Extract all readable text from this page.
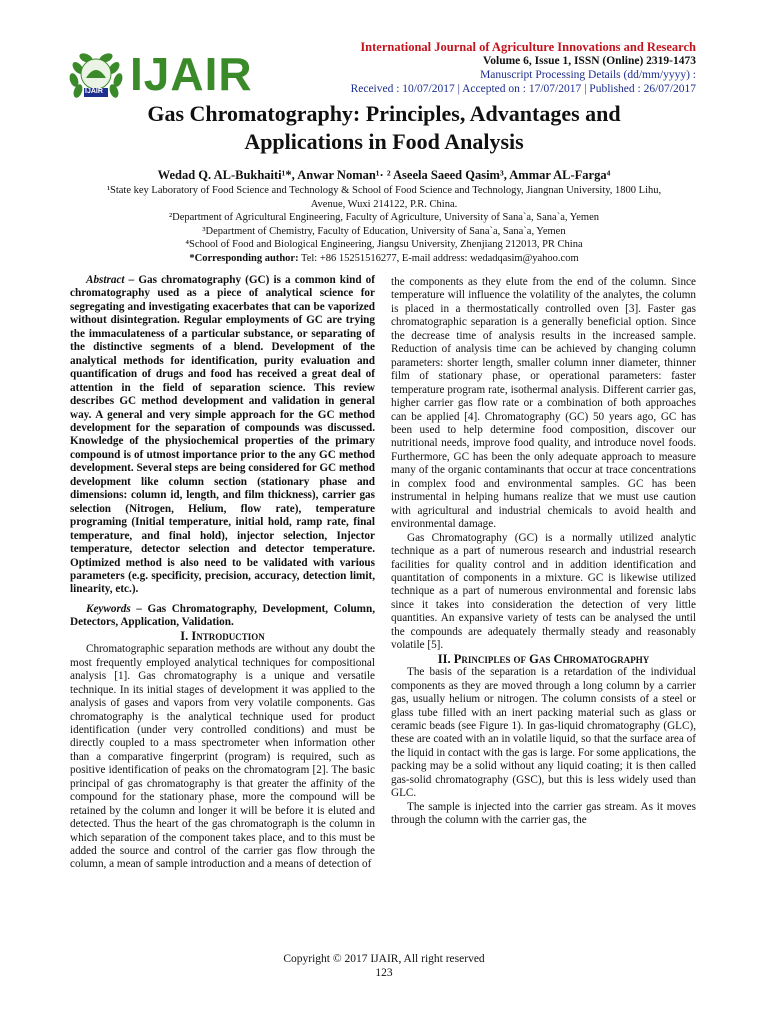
IJAIR IJAIR
International Journal of Agriculture Innovations and Research
Volume 6, Issue 1, ISSN (Online) 2319-1473
Manuscript Processing Details (dd/mm/yyyy) :
Received : 10/07/2017 | Accepted on : 17/07/2017 | Published : 26/07/2017
Gas Chromatography: Principles, Advantages and
Applications in Food Analysis
Wedad Q. AL-Bukhaiti¹*, Anwar Noman¹· ² Aseela Saeed Qasim³, Ammar AL-Farga⁴
¹State key Laboratory of Food Science and Technology & School of Food Science and Technology, Jiangnan University, 1800 Lihu,
Avenue, Wuxi 214122, P.R. China.
²Department of Agricultural Engineering, Faculty of Agriculture, University of Sana`a, Sana`a, Yemen
³Department of Chemistry, Faculty of Education, University of Sana`a, Sana`a, Yemen
⁴School of Food and Biological Engineering, Jiangsu University, Zhenjiang 212013, PR China
*Corresponding author: Tel: +86 15251516277, E-mail address: wedadqasim@yahoo.com

Abstract – Gas chromatography (GC) is a common kind of chromatography used as a piece of analytical science for segregating and investigating exacerbates that can be vaporized without disintegration. Regular employments of GC are trying the immaculateness of a particular substance, or separating of the distinctive segments of a blend. Development of the analytical methods for identification, purity evaluation and quantification of drugs and food has received a great deal of attention in the field of separation science. This review describes GC method development and validation in general way. A general and very simple approach for the GC method development for the separation of compounds was discussed. Knowledge of the physiochemical properties of the primary compound is of utmost importance prior to the any GC method development. Several steps are being considered for GC method development like column section (stationary phase and dimensions: column id, length, and film thickness), carrier gas selection (Nitrogen, Helium, flow rate), temperature programing (Initial temperature, initial hold, ramp rate, final temperature, and final hold), injector selection, Injector temperature, detector selection and detector temperature. Optimized method is also need to be validated with various parameters (e.g. specificity, precision, accuracy, detection limit, linearity, etc.).

Keywords – Gas Chromatography, Development, Column, Detectors, Application, Validation.

I. Introduction

Chromatographic separation methods are without any doubt the most frequently employed analytical techniques for compositional analysis [1]. Gas chromatography is a unique and versatile technique. In its initial stages of development it was applied to the analysis of gases and vapors from very volatile components. Gas chromatography is the analytical technique used for product identification (under very controlled conditions) and must be directly coupled to a mass spectrometer when information other than a comparative fingerprint (program) is required, such as positive identification of peaks on the chromatogram [2]. The basic principal of gas chromatography is that greater the affinity of the compound for the stationary phase, more the compound will be retained by the column and longer it will be before it is eluted and detected. Thus the heart of the gas chromatograph is the column in which separation of the component takes place, and to this must be added the source and control of the carrier gas flow through the column, a mean of sample introduction and a means of detection of

the components as they elute from the end of the column. Since temperature will influence the volatility of the analytes, the column is placed in a thermostatically controlled oven [3]. Faster gas chromatographic separation is a generally beneficial option. Since the decrease time of analysis results in the increased sample. Reduction of analysis time can be achieved by changing column parameters: shorter length, smaller column inner diameter, thinner film of stationary phase, or operational parameters: faster temperature program rate, isothermal analysis. Different carrier gas, higher carrier gas flow rate or a combination of both approaches can be applied [4]. Chromatography (GC) 50 years ago, GC has been used to help determine food composition, discover our nutritional needs, improve food quality, and introduce novel foods. Furthermore, GC has been the only adequate approach to measure many of the organic contaminants that occur at trace concentrations in complex food and environmental samples. GC has been instrumental in helping humans realize that we must use caution with agricultural and industrial chemicals to avoid health and environmental damage.

Gas Chromatography (GC) is a normally utilized analytic technique as a part of numerous research and industrial research facilities for quality control and in addition identification and quantitation of components in a mixture. GC is likewise utilized technique as a part of numerous environmental and forensic labs since it takes into consideration the detection of very little quantities. An expansive variety of tests can be analysed the until the compounds are adequately thermally steady and reasonably volatile [5].

II. Principles of Gas Chromatography

The basis of the separation is a retardation of the individual components as they are moved through a long column by a carrier gas, usually helium or nitrogen. The column consists of a steel or glass tube filled with an inert packing material such as glass or ceramic beads (see Figure 1). In gas-liquid chromatography (GLC), these are coated with an in volatile liquid, so that the surface area of the liquid in contact with the gas is large. For some applications, the packing may be a solid without any liquid coating; it is then called gas-solid chromatography (GSC), but this is less widely used than GLC.

The sample is injected into the carrier gas stream. As it moves through the column with the carrier gas, the

Copyright © 2017 IJAIR, All right reserved
123
